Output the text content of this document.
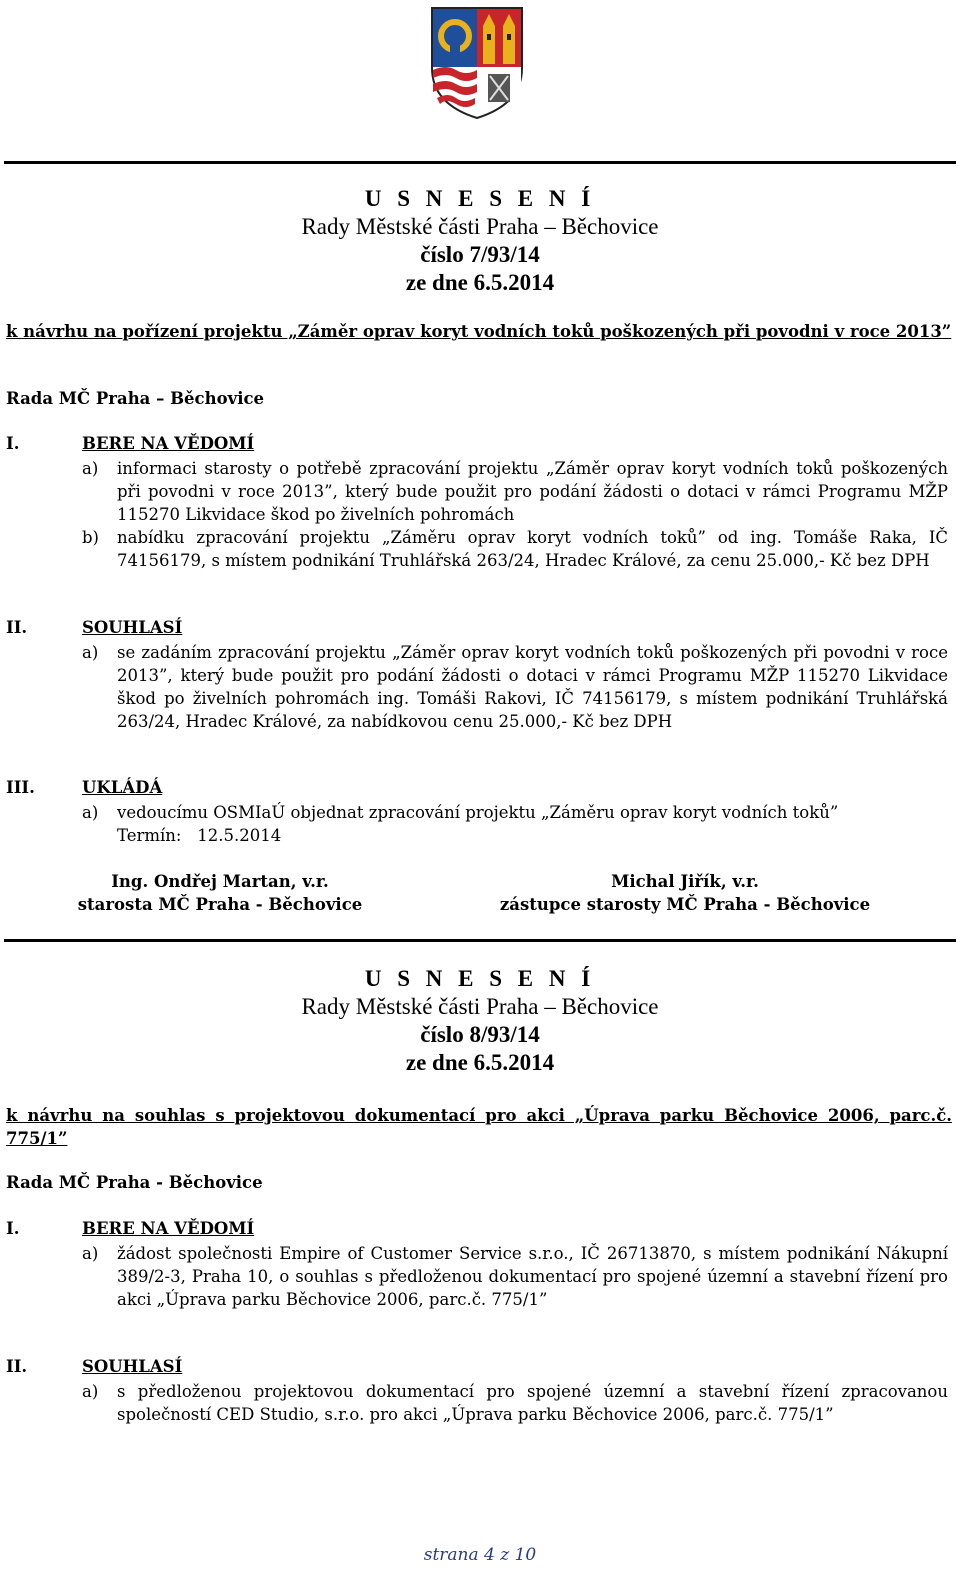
U S N E S E N Í
Rady Městské části Praha – Běchovice
číslo 7/93/14
ze dne 6.5.2014
k návrhu na pořízení projektu „Záměr oprav koryt vodních toků poškozených při povodni v roce 2013”
Rada MČ Praha – Běchovice
I.	BERE NA VĚDOMÍ
a) informaci starosty o potřebě zpracování projektu „Záměr oprav koryt vodních toků poškozených při povodni v roce 2013”, který bude použit pro podání žádosti o dotaci v rámci Programu MŽP 115270 Likvidace škod po živelních pohromách
b) nabídku zpracování projektu „Záměru oprav koryt vodních toků” od ing. Tomáše Raka, IČ 74156179, s místem podnikání Truhlářská 263/24, Hradec Králové, za cenu 25.000,- Kč bez DPH
II.	SOUHLASÍ
a) se zadáním zpracování projektu „Záměr oprav koryt vodních toků poškozených při povodni v roce 2013”, který bude použit pro podání žádosti o dotaci v rámci Programu MŽP 115270 Likvidace škod po živelních pohromách ing. Tomáši Rakovi, IČ 74156179, s místem podnikání Truhlářská 263/24, Hradec Králové, za nabídkovou cenu 25.000,- Kč bez DPH
III.	UKLÁDÁ
a) vedoucímu OSMIaÚ objednat zpracování projektu „Záměru oprav koryt vodních toků”
Termín:   12.5.2014
Ing. Ondřej Martan, v.r.
starosta MČ Praha - Běchovice
Michal Jiřík, v.r.
zástupce starosty MČ Praha - Běchovice
U S N E S E N Í
Rady Městské části Praha – Běchovice
číslo 8/93/14
ze dne 6.5.2014
k návrhu na souhlas s projektovou dokumentací pro akci „Úprava parku Běchovice 2006, parc.č. 775/1”
Rada MČ Praha - Běchovice
I.	BERE NA VĚDOMÍ
a) žádost společnosti Empire of Customer Service s.r.o., IČ 26713870, s místem podnikání Nákupní 389/2-3, Praha 10, o souhlas s předloženou dokumentací pro spojené územní a stavební řízení pro akci „Úprava parku Běchovice 2006, parc.č. 775/1”
II.	SOUHLASÍ
a) s předloženou projektovou dokumentací pro spojené územní a stavební řízení zpracovanou společností CED Studio, s.r.o. pro akci „Úprava parku Běchovice 2006, parc.č. 775/1”
strana 4 z 10
